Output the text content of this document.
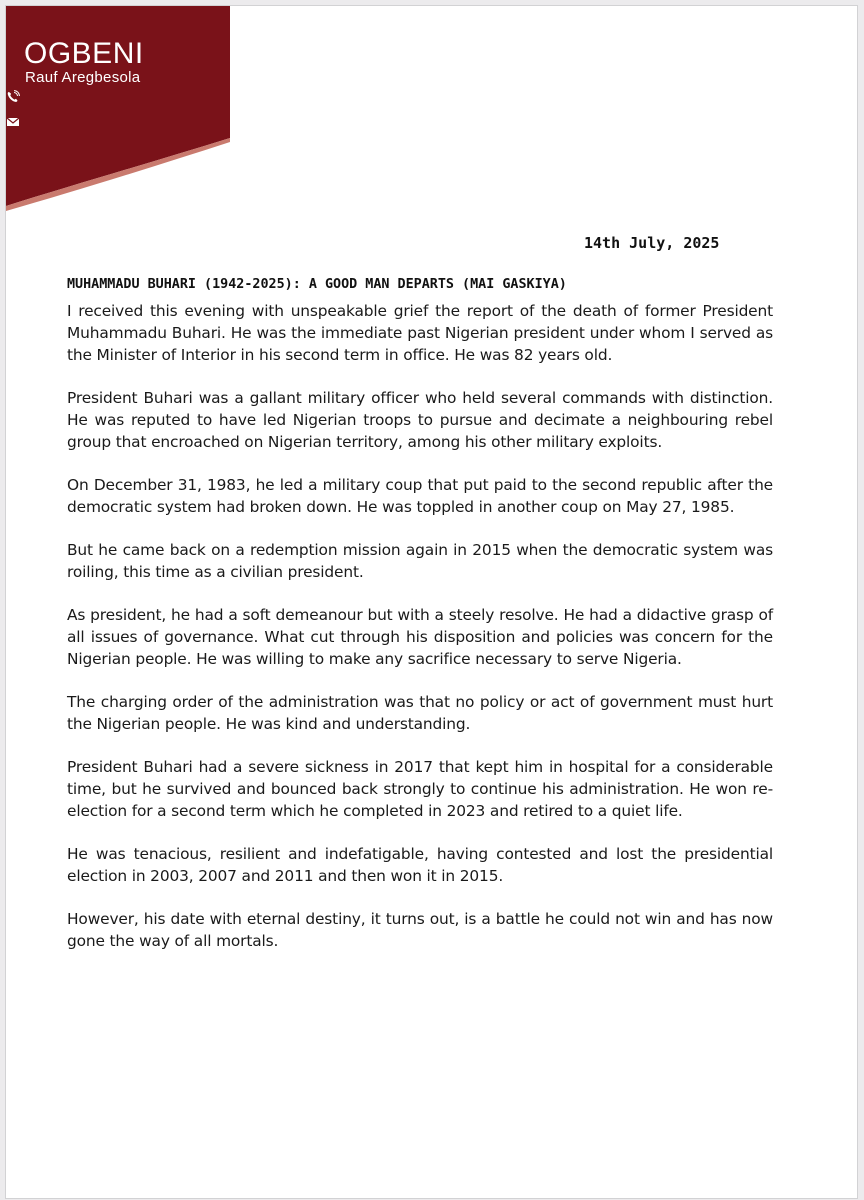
OGBENI
Rauf Aregbesola

14th July, 2025

MUHAMMADU BUHARI (1942-2025): A GOOD MAN DEPARTS (MAI GASKIYA)

I received this evening with unspeakable grief the report of the death of former President Muhammadu Buhari. He was the immediate past Nigerian president under whom I served as the Minister of Interior in his second term in office. He was 82 years old.

President Buhari was a gallant military officer who held several commands with distinction. He was reputed to have led Nigerian troops to pursue and decimate a neighbouring rebel group that encroached on Nigerian territory, among his other military exploits.

On December 31, 1983, he led a military coup that put paid to the second republic after the democratic system had broken down. He was toppled in another coup on May 27, 1985.

But he came back on a redemption mission again in 2015 when the democratic system was roiling, this time as a civilian president.

As president, he had a soft demeanour but with a steely resolve. He had a didactive grasp of all issues of governance. What cut through his disposition and policies was concern for the Nigerian people. He was willing to make any sacrifice necessary to serve Nigeria.

The charging order of the administration was that no policy or act of government must hurt the Nigerian people. He was kind and understanding.

President Buhari had a severe sickness in 2017 that kept him in hospital for a considerable time, but he survived and bounced back strongly to continue his administration. He won re-election for a second term which he completed in 2023 and retired to a quiet life.

He was tenacious, resilient and indefatigable, having contested and lost the presidential election in 2003, 2007 and 2011 and then won it in 2015.

However, his date with eternal destiny, it turns out, is a battle he could not win and has now gone the way of all mortals.
